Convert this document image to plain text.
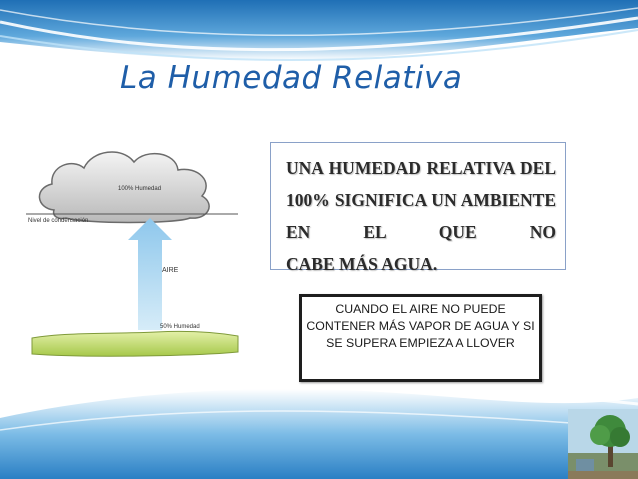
La Humedad Relativa
100% Humedad
Nivel de condensación
AIRE
50% Humedad
UNA HUMEDAD RELATIVA DEL 100% SIGNIFICA UN AMBIENTE EN EL QUE NO
CABE MÁS AGUA.
CUANDO EL AIRE NO PUEDE CONTENER MÁS VAPOR DE AGUA Y SI SE SUPERA EMPIEZA A LLOVER
